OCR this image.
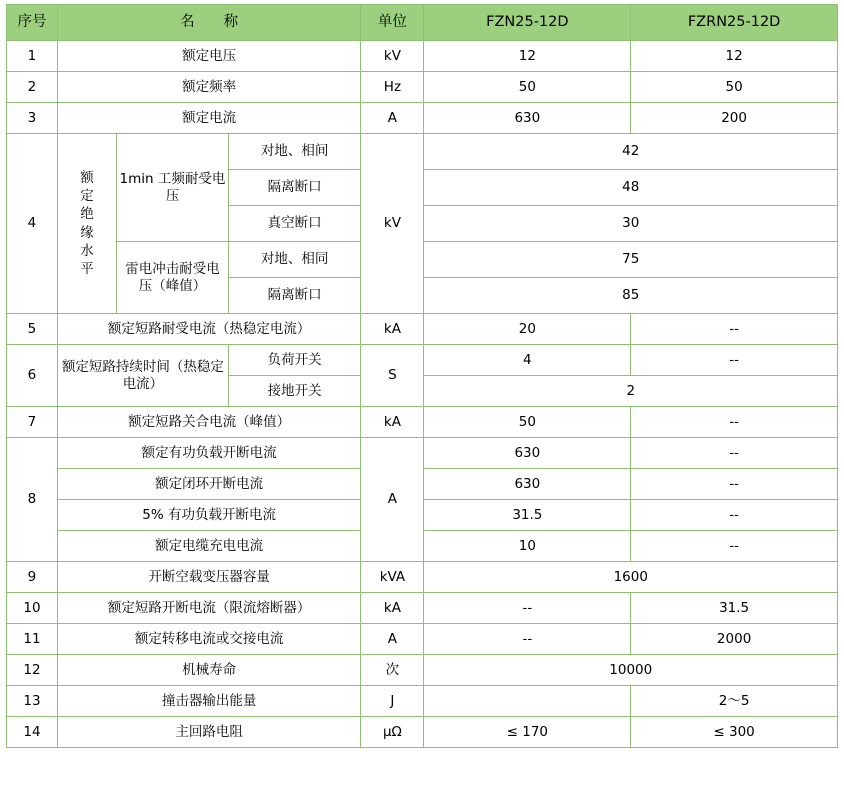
序号	名　　称			单位	FZN25-12D	FZRN25-12D
1	额定电压			kV	12	12
2	额定频率			Hz	50	50
3	额定电流			A	630	200
4	额定绝缘水平	1min 工频耐受电压	对地、相间	kV	42	
			隔离断口		48	
			真空断口		30	
		雷电冲击耐受电压（峰值）	对地、相同		75	
			隔离断口		85	
5	额定短路耐受电流（热稳定电流）			kA	20	--
6	额定短路持续时间（热稳定电流）		负荷开关	S	4	--
			接地开关		2	
7	额定短路关合电流（峰值）			kA	50	--
8	额定有功负载开断电流			A	630	--
	额定闭环开断电流				630	--
	5% 有功负载开断电流				31.5	--
	额定电缆充电电流				10	--
9	开断空载变压器容量			kVA	1600	
10	额定短路开断电流（限流熔断器）			kA	--	31.5
11	额定转移电流或交接电流			A	--	2000
12	机械寿命			次	10000	
13	撞击器输出能量			J		2～5
14	主回路电阻			μΩ	≤ 170	≤ 300
